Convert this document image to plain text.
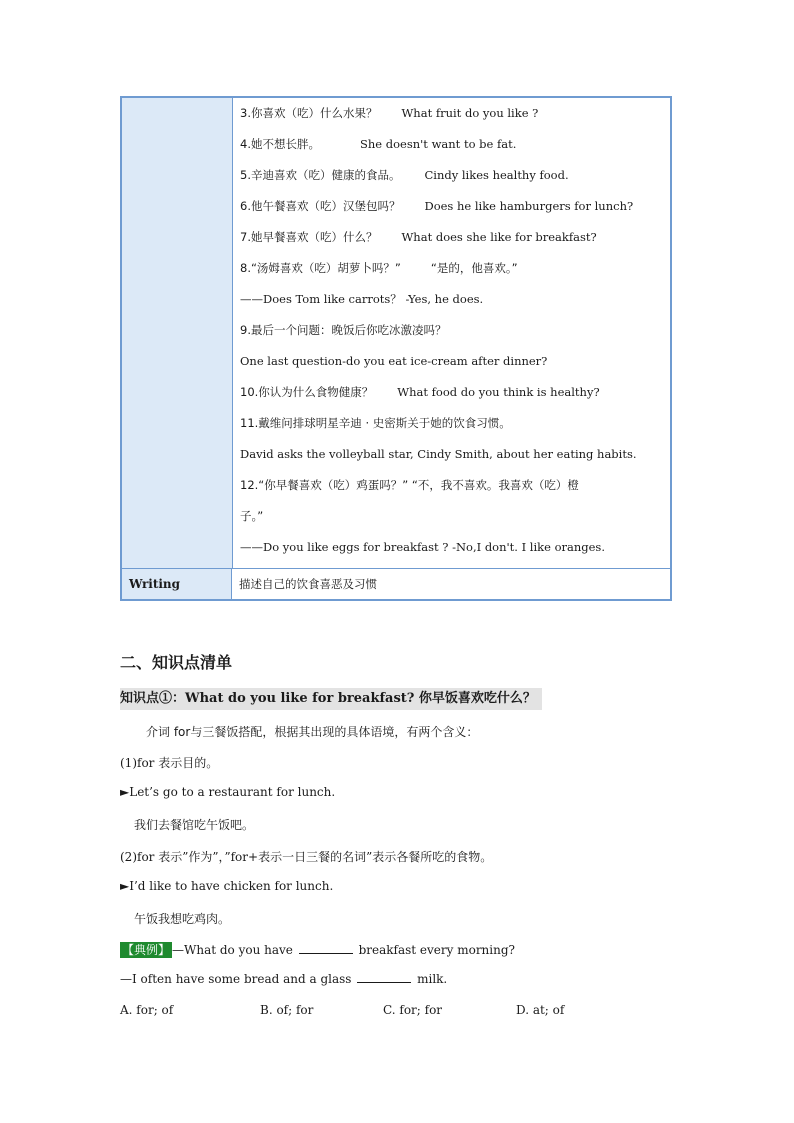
3.你喜欢（吃）什么水果？ What fruit do you like ?
4.她不想长胖。	She doesn't want to be fat.
5.辛迪喜欢（吃）健康的食品。 Cindy likes healthy food.
6.他午餐喜欢（吃）汉堡包吗？ Does he like hamburgers for lunch?
7.她早餐喜欢（吃）什么？ What does she like for breakfast?
8.“汤姆喜欢（吃）胡萝卜吗？”	“是的，他喜欢。”
——Does Tom like carrots？ -Yes, he does.
9.最后一个问题：晚饭后你吃冰激凌吗？
One last question-do you eat ice-cream after dinner?
10.你认为什么食物健康？ What food do you think is healthy?
11.戴维问排球明星辛迪 · 史密斯关于她的饮食习惯。
David asks the volleyball star, Cindy Smith, about her eating habits.
12.“你早餐喜欢（吃）鸡蛋吗？” “不，我不喜欢。我喜欢（吃）橙
子。”
——Do you like eggs for breakfast ? -No,I don't. I like oranges.
Writing	描述自己的饮食喜恶及习惯
二、知识点清单
知识点①：What do you like for breakfast? 你早饭喜欢吃什么？
介词 for与三餐饭搭配，根据其出现的具体语境，有两个含义：
(1)for 表示目的。
►Let’s go to a restaurant for lunch.
我们去餐馆吃午饭吧。
(2)for 表示”作为”，”for+表示一日三餐的名词”表示各餐所吃的食物。
►I’d like to have chicken for lunch.
午饭我想吃鸡肉。
【典例】 —What do you have	breakfast every morning?
—I often have some bread and a glass	milk.
A. for; of	B. of; for	C. for; for	D. at; of
